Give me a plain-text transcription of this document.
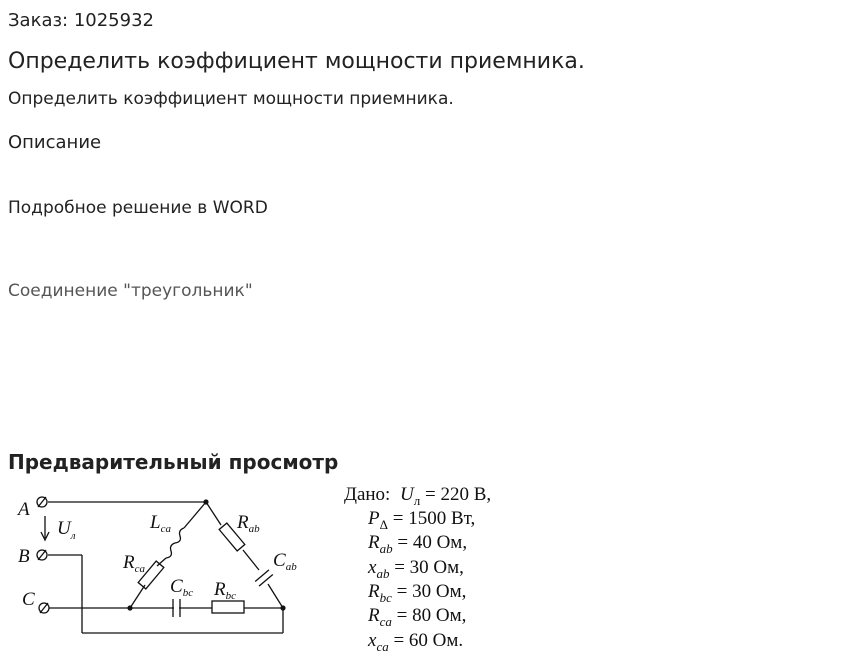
Заказ: 1025932
Определить коэффициент мощности приемника.
Определить коэффициент мощности приемника.
Описание
Подробное решение в WORD
Соединение "треугольник"
Предварительный просмотр
A
B
C
$U_л$
$L_{ca}$	$R_{ab}$
$R_{ca}$	$C_{ab}$
$C_{bc}$ $R_{bc}$
Дано: $U_л = 220$ В,
$P_\Delta = 1500$ Вт,
$R_{ab} = 40$ Ом,
$x_{ab} = 30$ Ом,
$R_{bc} = 30$ Ом,
$R_{ca} = 80$ Ом,
$x_{ca} = 60$ Ом.
